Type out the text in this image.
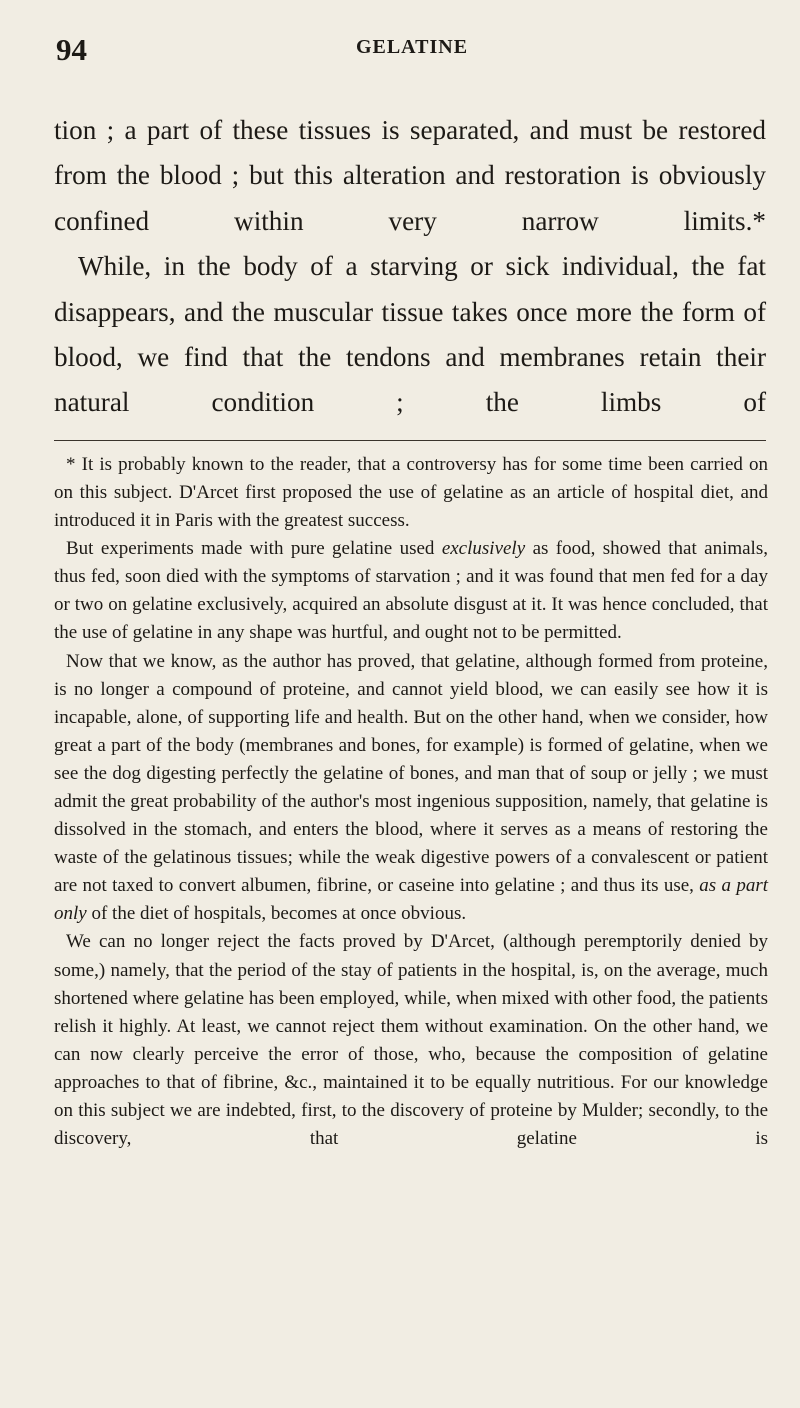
94	GELATINE

tion ; a part of these tissues is separated, and must be restored from the blood ; but this alteration and restoration is obviously confined within very narrow limits.*

While, in the body of a starving or sick individual, the fat disappears, and the muscular tissue takes once more the form of blood, we find that the tendons and membranes retain their natural condition ; the limbs of

* It is probably known to the reader, that a controversy has for some time been carried on on this subject. D'Arcet first proposed the use of gelatine as an article of hospital diet, and introduced it in Paris with the greatest success.

But experiments made with pure gelatine used exclusively as food, showed that animals, thus fed, soon died with the symptoms of starvation ; and it was found that men fed for a day or two on gelatine exclusively, acquired an absolute disgust at it. It was hence concluded, that the use of gelatine in any shape was hurtful, and ought not to be permitted.

Now that we know, as the author has proved, that gelatine, although formed from proteine, is no longer a compound of proteine, and cannot yield blood, we can easily see how it is incapable, alone, of supporting life and health. But on the other hand, when we consider, how great a part of the body (membranes and bones, for example) is formed of gelatine, when we see the dog digesting perfectly the gelatine of bones, and man that of soup or jelly ; we must admit the great probability of the author's most ingenious supposition, namely, that gelatine is dissolved in the stomach, and enters the blood, where it serves as a means of restoring the waste of the gelatinous tissues; while the weak digestive powers of a convalescent or patient are not taxed to convert albumen, fibrine, or caseine into gelatine ; and thus its use, as a part only of the diet of hospitals, becomes at once obvious.

We can no longer reject the facts proved by D'Arcet, (although peremptorily denied by some,) namely, that the period of the stay of patients in the hospital, is, on the average, much shortened where gelatine has been employed, while, when mixed with other food, the patients relish it highly. At least, we cannot reject them without examination. On the other hand, we can now clearly perceive the error of those, who, because the composition of gelatine approaches to that of fibrine, &c., maintained it to be equally nutritious. For our knowledge on this subject we are indebted, first, to the discovery of proteine by Mulder; secondly, to the discovery, that gelatine is
